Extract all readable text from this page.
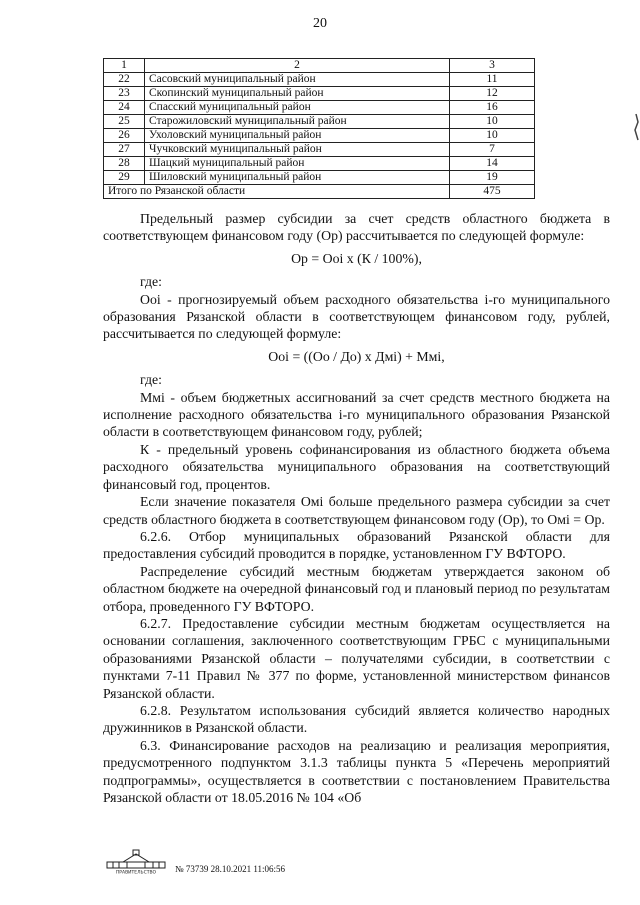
20
1	2	3
22	Сасовский муниципальный район	11
23	Скопинский муниципальный район	12
24	Спасский муниципальный район	16
25	Старожиловский муниципальный район	10
26	Ухоловский муниципальный район	10
27	Чучковский муниципальный район	7
28	Шацкий муниципальный район	14
29	Шиловский муниципальный район	19
Итого по Рязанской области		475

Предельный размер субсидии за счет средств областного бюджета в соответствующем финансовом году (Ор) рассчитывается по следующей формуле:

Ор = Ооі х (К / 100%),

где:

Ооі - прогнозируемый объем расходного обязательства і-го муниципального образования Рязанской области в соответствующем финансовом году, рублей, рассчитывается по следующей формуле:

Ооі = ((Оо / До) х Дмі) + Ммі,

где:

Ммі - объем бюджетных ассигнований за счет средств местного бюджета на исполнение расходного обязательства і-го муниципального образования Рязанской области в соответствующем финансовом году, рублей;

К - предельный уровень софинансирования из областного бюджета объема расходного обязательства муниципального образования на соответствующий финансовый год, процентов.

Если значение показателя Омі больше предельного размера субсидии за счет средств областного бюджета в соответствующем финансовом году (Ор), то Омі = Ор.

6.2.6. Отбор муниципальных образований Рязанской области для предоставления субсидий проводится в порядке, установленном ГУ ВФТОРО.

Распределение субсидий местным бюджетам утверждается законом об областном бюджете на очередной финансовый год и плановый период по результатам отбора, проведенного ГУ ВФТОРО.

6.2.7. Предоставление субсидии местным бюджетам осуществляется на основании соглашения, заключенного соответствующим ГРБС с муниципальными образованиями Рязанской области – получателями субсидии, в соответствии с пунктами 7-11 Правил № 377 по форме, установленной министерством финансов Рязанской области.

6.2.8. Результатом использования субсидий является количество народных дружинников в Рязанской области.

6.3. Финансирование расходов на реализацию и реализация мероприятия, предусмотренного подпунктом 3.1.3 таблицы пункта 5 «Перечень мероприятий подпрограммы», осуществляется в соответствии с постановлением Правительства Рязанской области от 18.05.2016 № 104 «Об

ПРАВИТЕЛЬСТВО № 73739 28.10.2021 11:06:56
